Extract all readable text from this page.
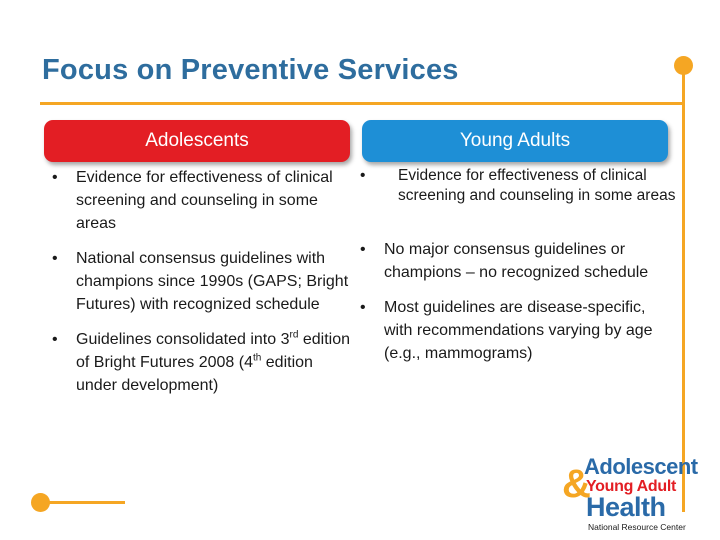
Focus on Preventive Services
Adolescents	Young Adults
• Evidence for effectiveness of clinical screening and counseling in some areas
• National consensus guidelines with champions since 1990s (GAPS; Bright Futures) with recognized schedule
• Guidelines consolidated into 3rd edition of Bright Futures 2008 (4th edition under development)
• Evidence for effectiveness of clinical screening and counseling in some areas
• No major consensus guidelines or champions – no recognized schedule
• Most guidelines are disease-specific, with recommendations varying by age (e.g., mammograms)
&
Adolescent
Young Adult
Health
National Resource Center
